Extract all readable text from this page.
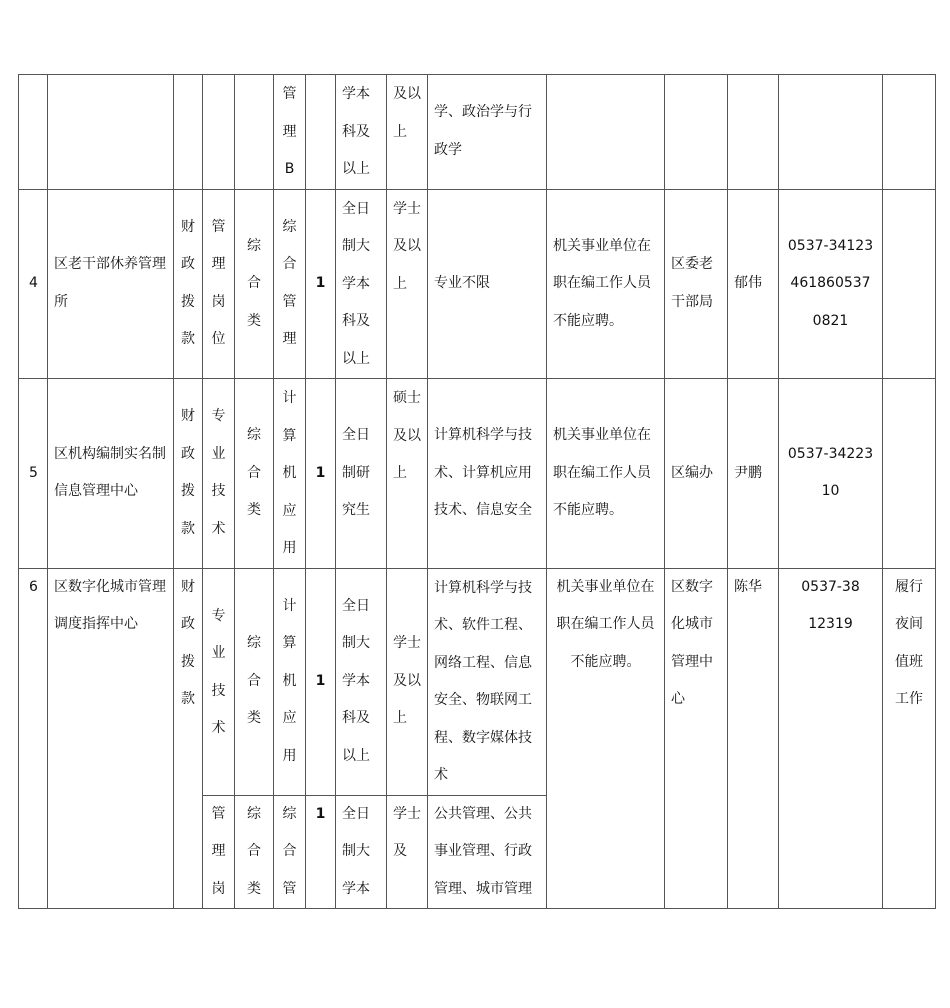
					管理B		学本科及以上	及以上	学、政治学与行政学					
4	区老干部休养管理所	财政拨款	管理岗位	综合类	综合管理	1	全日制大学本科及以上	学士及以上	专业不限	机关事业单位在职在编工作人员不能应聘。	区委老干部局	郁伟	0537-341234618605370821	
5	区机构编制实名制信息管理中心	财政拨款	专业技术	综合类	计算机应用	1	全日制研究生	硕士及以上	计算机科学与技术、计算机应用技术、信息安全	机关事业单位在职在编工作人员不能应聘。	区编办	尹鹏	0537-3422310	
6	区数字化城市管理调度指挥中心	财政拨款	专业技术	综合类	计算机应用	1	全日制大学本科及以上	学士及以上	计算机科学与技术、软件工程、网络工程、信息安全、物联网工程、数字媒体技术	机关事业单位在职在编工作人员不能应聘。	区数字化城市管理中心	陈华	0537-3812319	履行夜间值班工作

			管理岗	综合类	综合管	1	全日制大学本	学士及	公共管理、公共事业管理、行政管理、城市管理					
